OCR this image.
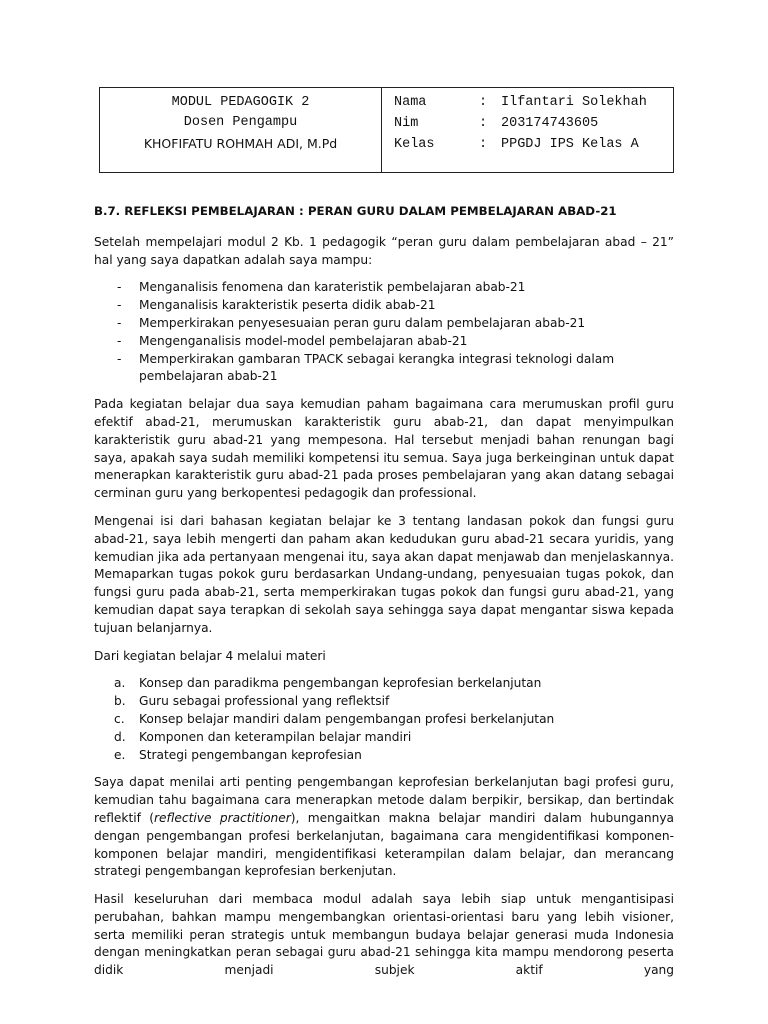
MODUL PEDAGOGIK 2
Dosen Pengampu
KHOFIFATU ROHMAH ADI, M.Pd
Nama	:	Ilfantari Solekhah
Nim	:	203174743605
Kelas	:	PPGDJ IPS Kelas A
B.7. REFLEKSI PEMBELAJARAN : PERAN GURU DALAM PEMBELAJARAN ABAD-21

Setelah mempelajari modul 2 Kb. 1 pedagogik “peran guru dalam pembelajaran abad – 21” hal yang saya dapatkan adalah saya mampu:

- Menganalisis fenomena dan karateristik pembelajaran abab-21
- Menganalisis karakteristik peserta didik abab-21
- Memperkirakan penyesesuaian peran guru dalam pembelajaran abab-21
- Mengenganalisis model-model pembelajaran abab-21
- Memperkirakan gambaran TPACK sebagai kerangka integrasi teknologi dalam pembelajaran abab-21

Pada kegiatan belajar dua saya kemudian paham bagaimana cara merumuskan profil guru efektif abad-21, merumuskan karakteristik guru abab-21, dan dapat menyimpulkan karakteristik guru abad-21 yang mempesona. Hal tersebut menjadi bahan renungan bagi saya, apakah saya sudah memiliki kompetensi itu semua. Saya juga berkeinginan untuk dapat menerapkan karakteristik guru abad-21 pada proses pembelajaran yang akan datang sebagai cerminan guru yang berkopentesi pedagogik dan professional.

Mengenai isi dari bahasan kegiatan belajar ke 3 tentang landasan pokok dan fungsi guru abad-21, saya lebih mengerti dan paham akan kedudukan guru abad-21 secara yuridis, yang kemudian jika ada pertanyaan mengenai itu, saya akan dapat menjawab dan menjelaskannya. Memaparkan tugas pokok guru berdasarkan Undang-undang, penyesuaian tugas pokok, dan fungsi guru pada abab-21, serta memperkirakan tugas pokok dan fungsi guru abad-21, yang kemudian dapat saya terapkan di sekolah saya sehingga saya dapat mengantar siswa kepada tujuan belanjarnya.

Dari kegiatan belajar 4 melalui materi

a. Konsep dan paradikma pengembangan keprofesian berkelanjutan
b. Guru sebagai professional yang reflektsif
c. Konsep belajar mandiri dalam pengembangan profesi berkelanjutan
d. Komponen dan keterampilan belajar mandiri
e. Strategi pengembangan keprofesian

Saya dapat menilai arti penting pengembangan keprofesian berkelanjutan bagi profesi guru, kemudian tahu bagaimana cara menerapkan metode dalam berpikir, bersikap, dan bertindak reflektif (reflective practitioner), mengaitkan makna belajar mandiri dalam hubungannya dengan pengembangan profesi berkelanjutan, bagaimana cara mengidentifikasi komponen-komponen belajar mandiri, mengidentifikasi keterampilan dalam belajar, dan merancang strategi pengembangan keprofesian berkenjutan.

Hasil keseluruhan dari membaca modul adalah saya lebih siap untuk mengantisipasi perubahan, bahkan mampu mengembangkan orientasi-orientasi baru yang lebih visioner, serta memiliki peran strategis untuk membangun budaya belajar generasi muda Indonesia dengan meningkatkan peran sebagai guru abad-21 sehingga kita mampu mendorong peserta didik menjadi subjek aktif yang
